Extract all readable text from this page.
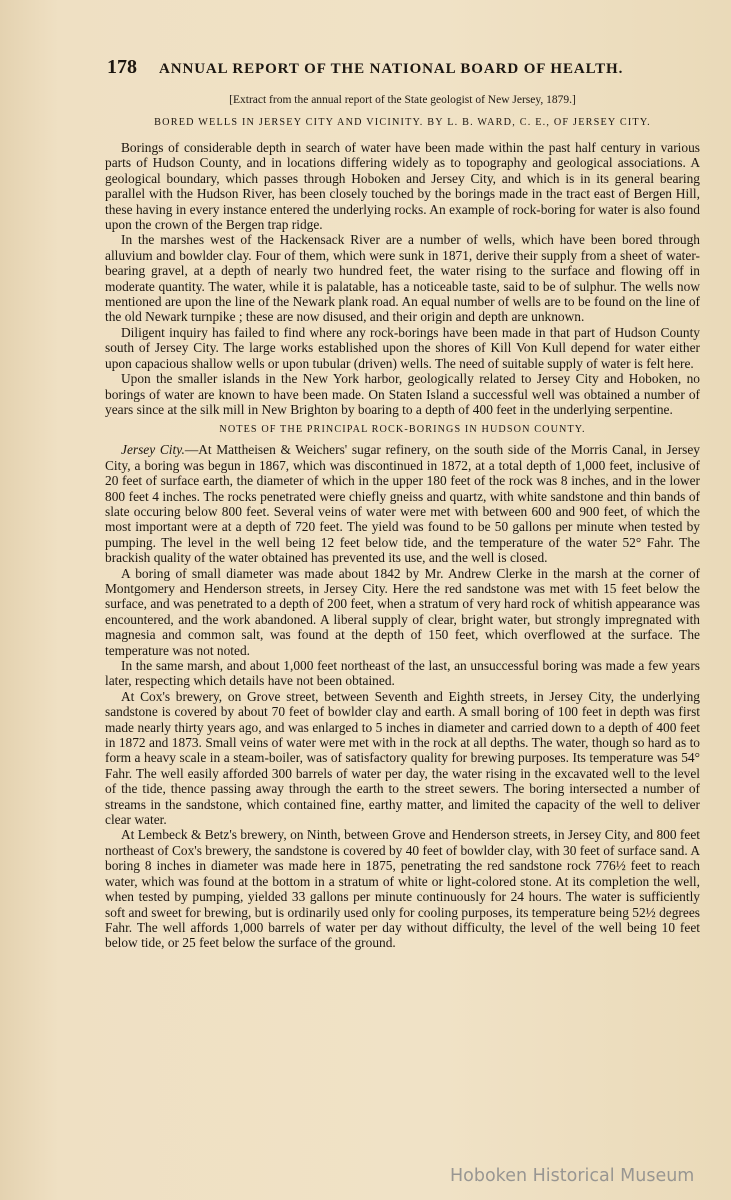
178 ANNUAL REPORT OF THE NATIONAL BOARD OF HEALTH.
[Extract from the annual report of the State geologist of New Jersey, 1879.]
BORED WELLS IN JERSEY CITY AND VICINITY. BY L. B. WARD, C. E., OF JERSEY CITY.

Borings of considerable depth in search of water have been made within the past half century in various parts of Hudson County, and in locations differing widely as to topography and geological associations. A geological boundary, which passes through Hoboken and Jersey City, and which is in its general bearing parallel with the Hudson River, has been closely touched by the borings made in the tract east of Bergen Hill, these having in every instance entered the underlying rocks. An example of rock-boring for water is also found upon the crown of the Bergen trap ridge.

In the marshes west of the Hackensack River are a number of wells, which have been bored through alluvium and bowlder clay. Four of them, which were sunk in 1871, derive their supply from a sheet of water-bearing gravel, at a depth of nearly two hundred feet, the water rising to the surface and flowing off in moderate quantity. The water, while it is palatable, has a noticeable taste, said to be of sulphur. The wells now mentioned are upon the line of the Newark plank road. An equal number of wells are to be found on the line of the old Newark turnpike ; these are now disused, and their origin and depth are unknown.

Diligent inquiry has failed to find where any rock-borings have been made in that part of Hudson County south of Jersey City. The large works established upon the shores of Kill Von Kull depend for water either upon capacious shallow wells or upon tubular (driven) wells. The need of suitable supply of water is felt here.

Upon the smaller islands in the New York harbor, geologically related to Jersey City and Hoboken, no borings of water are known to have been made. On Staten Island a successful well was obtained a number of years since at the silk mill in New Brighton by boaring to a depth of 400 feet in the underlying serpentine.

NOTES OF THE PRINCIPAL ROCK-BORINGS IN HUDSON COUNTY.

Jersey City.—At Mattheisen & Weichers' sugar refinery, on the south side of the Morris Canal, in Jersey City, a boring was begun in 1867, which was discontinued in 1872, at a total depth of 1,000 feet, inclusive of 20 feet of surface earth, the diameter of which in the upper 180 feet of the rock was 8 inches, and in the lower 800 feet 4 inches. The rocks penetrated were chiefly gneiss and quartz, with white sandstone and thin bands of slate occuring below 800 feet. Several veins of water were met with between 600 and 900 feet, of which the most important were at a depth of 720 feet. The yield was found to be 50 gallons per minute when tested by pumping. The level in the well being 12 feet below tide, and the temperature of the water 52° Fahr. The brackish quality of the water obtained has prevented its use, and the well is closed.

A boring of small diameter was made about 1842 by Mr. Andrew Clerke in the marsh at the corner of Montgomery and Henderson streets, in Jersey City. Here the red sandstone was met with 15 feet below the surface, and was penetrated to a depth of 200 feet, when a stratum of very hard rock of whitish appearance was encountered, and the work abandoned. A liberal supply of clear, bright water, but strongly impregnated with magnesia and common salt, was found at the depth of 150 feet, which overflowed at the surface. The temperature was not noted.

In the same marsh, and about 1,000 feet northeast of the last, an unsuccessful boring was made a few years later, respecting which details have not been obtained.

At Cox's brewery, on Grove street, between Seventh and Eighth streets, in Jersey City, the underlying sandstone is covered by about 70 feet of bowlder clay and earth. A small boring of 100 feet in depth was first made nearly thirty years ago, and was enlarged to 5 inches in diameter and carried down to a depth of 400 feet in 1872 and 1873. Small veins of water were met with in the rock at all depths. The water, though so hard as to form a heavy scale in a steam-boiler, was of satisfactory quality for brewing purposes. Its temperature was 54° Fahr. The well easily afforded 300 barrels of water per day, the water rising in the excavated well to the level of the tide, thence passing away through the earth to the street sewers. The boring intersected a number of streams in the sandstone, which contained fine, earthy matter, and limited the capacity of the well to deliver clear water.

At Lembeck & Betz's brewery, on Ninth, between Grove and Henderson streets, in Jersey City, and 800 feet northeast of Cox's brewery, the sandstone is covered by 40 feet of bowlder clay, with 30 feet of surface sand. A boring 8 inches in diameter was made here in 1875, penetrating the red sandstone rock 776½ feet to reach water, which was found at the bottom in a stratum of white or light-colored stone. At its completion the well, when tested by pumping, yielded 33 gallons per minute continuously for 24 hours. The water is sufficiently soft and sweet for brewing, but is ordinarily used only for cooling purposes, its temperature being 52½ degrees Fahr. The well affords 1,000 barrels of water per day without difficulty, the level of the well being 10 feet below tide, or 25 feet below the surface of the ground.

Hoboken Historical Museum
